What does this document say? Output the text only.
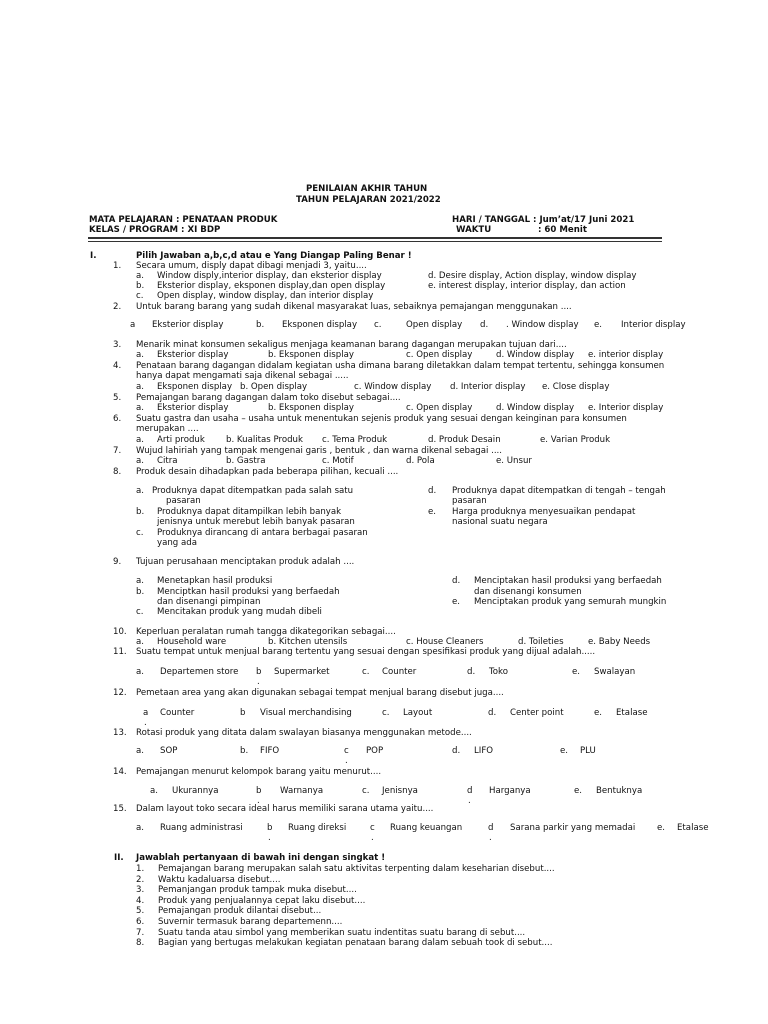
PENILAIAN AKHIR TAHUN
TAHUN PELAJARAN 2021/2022
MATA PELAJARAN : PENATAAN PRODUK
KELAS / PROGRAM : XI BDP
HARI / TANGGAL : Jum’at/17 Juni 2021
WAKTU	: 60 Menit
I.	Pilih Jawaban a,b,c,d atau e Yang Diangap Paling Benar !
1. Secara umum, disply dapat dibagi menjadi 3, yaitu....
a. Window disply,interior display, dan eksterior display
b. Eksterior display, eksponen display,dan open display
c. Open display, window display, dan interior display
d. Desire display, Action display, window display
e. interest display, interior display, dan action
2. Untuk barang barang yang sudah dikenal masyarakat luas, sebaiknya pemajangan menggunakan ....
a Eksterior display	b. Eksponen display c.	Open display d. . Window display e. Interior display
3. Menarik minat konsumen sekaligus menjaga keamanan barang dagangan merupakan tujuan dari....
a. Eksterior display	b. Eksponen display	c. Open display	d. Window display e. interior display
4. Penataan barang dagangan didalam kegiatan usha dimana barang diletakkan dalam tempat tertentu, sehingga konsumen
hanya dapat mengamati saja dikenal sebagai .....
a. Eksponen display b. Open display	c. Window display d. Interior display e. Close display
5. Pemajangan barang dagangan dalam toko disebut sebagai....
a. Eksterior display	b. Eksponen display	c. Open display	d. Window display e. Interior display
6. Suatu gastra dan usaha – usaha untuk menentukan sejenis produk yang sesuai dengan keinginan para konsumen
merupakan ....
a. Arti produk b. Kualitas Produk c. Tema Produk	d. Produk Desain	e. Varian Produk
7. Wujud lahiriah yang tampak mengenai garis , bentuk , dan warna dikenal sebagai ....
a. Citra	b. Gastra	c. Motif	d. Pola	e. Unsur
8. Produk desain dihadapkan pada beberapa pilihan, kecuali ....
a. Produknya dapat ditempatkan pada salah satu
pasaran
b. Produknya dapat ditampilkan lebih banyak
jenisnya untuk merebut lebih banyak pasaran
c. Produknya dirancang di antara berbagai pasaran
yang ada
d. Produknya dapat ditempatkan di tengah – tengah
pasaran
e. Harga produknya menyesuaikan pendapat
nasional suatu negara
9. Tujuan perusahaan menciptakan produk adalah ....
a. Menetapkan hasil produksi
b. Menciptkan hasil produksi yang berfaedah
dan disenangi pimpinan
c. Mencitakan produk yang mudah dibeli
d. Menciptakan hasil produksi yang berfaedah
dan disenangi konsumen
e. Menciptakan produk yang semurah mungkin
10. Keperluan peralatan rumah tangga dikategorikan sebagai....
a. Household ware	b. Kitchen utensils	c. House Cleaners	d. Toileties	e. Baby Needs
11. Suatu tempat untuk menjual barang tertentu yang sesuai dengan spesifikasi produk yang dijual adalah.....
a. Departemen store b
.
Supermarket	c. Counter	d. Toko	e. Swalayan
12. Pemetaan area yang akan digunakan sebagai tempat menjual barang disebut juga....
a
.
Counter	b Visual merchandising	c. Layout	d. Center point	e. Etalase
13. Rotasi produk yang ditata dalam swalayan biasanya menggunakan metode....
a. SOP	b. FIFO	c
.
POP	d. LIFO	e. PLU
14. Pemajangan menurut kelompok barang yaitu menurut....
a. Ukurannya	b
.
Warnanya	c. Jenisnya	d
.
Harganya	e. Bentuknya
15. Dalam layout toko secara ideal harus memiliki sarana utama yaitu....
a. Ruang administrasi	b
.
Ruang direksi	c
.
Ruang keuangan	d
.
Sarana parkir yang memadai	e. Etalase
II. Jawablah pertanyaan di bawah ini dengan singkat !
1. Pemajangan barang merupakan salah satu aktivitas terpenting dalam keseharian disebut....
2. Waktu kadaluarsa disebut....
3. Pemanjangan produk tampak muka disebut....
4. Produk yang penjualannya cepat laku disebut....
5. Pemajangan produk dilantai disebut...
6. Suvernir termasuk barang departemenn....
7. Suatu tanda atau simbol yang memberikan suatu indentitas suatu barang di sebut....
8. Bagian yang bertugas melakukan kegiatan penataan barang dalam sebuah took di sebut....
